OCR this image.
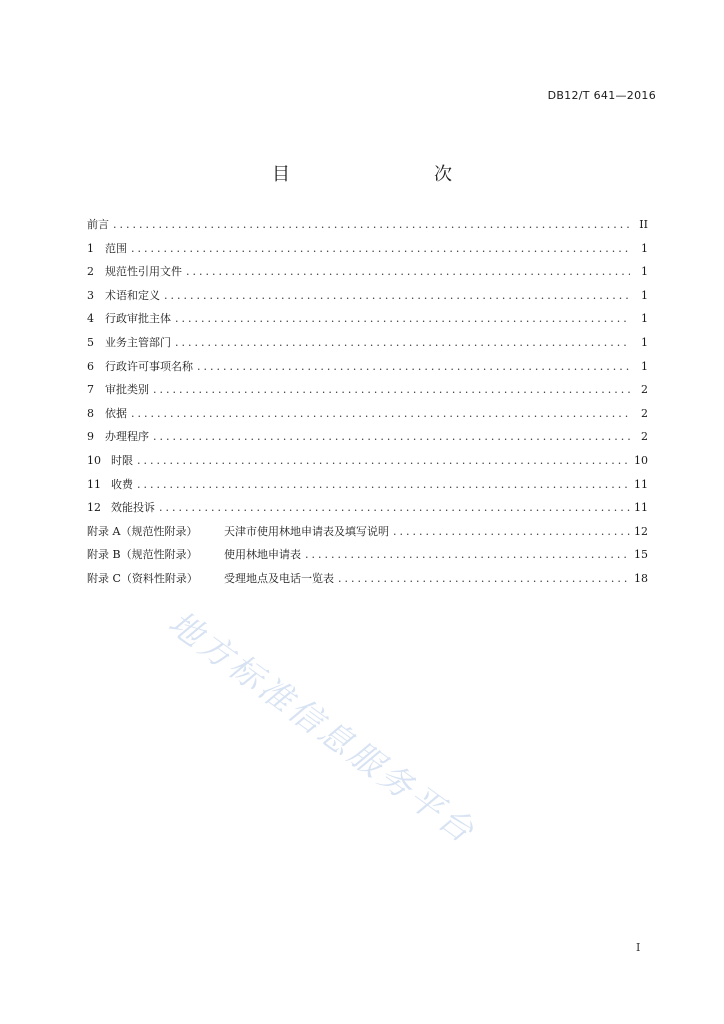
DB12/T 641—2016
目　　次
前言 .....	II
1	范围 .....	1
2	规范性引用文件 .....	1
3	术语和定义 .....	1
4	行政审批主体 .....	1
5	业务主管部门 .....	1
6	行政许可事项名称 .....	1
7	审批类别 .....	2
8	依据 .....	2
9	办理程序 .....	2
10 时限 .....	10
11 收费 .....	11
12 效能投诉 .....	11
附录 A（规范性附录）	天津市使用林地申请表及填写说明 .....	12
附录 B（规范性附录）	使用林地申请表 .....	15
附录 C（资料性附录）	受理地点及电话一览表 .....	18
地方标准信息服务平台
I
